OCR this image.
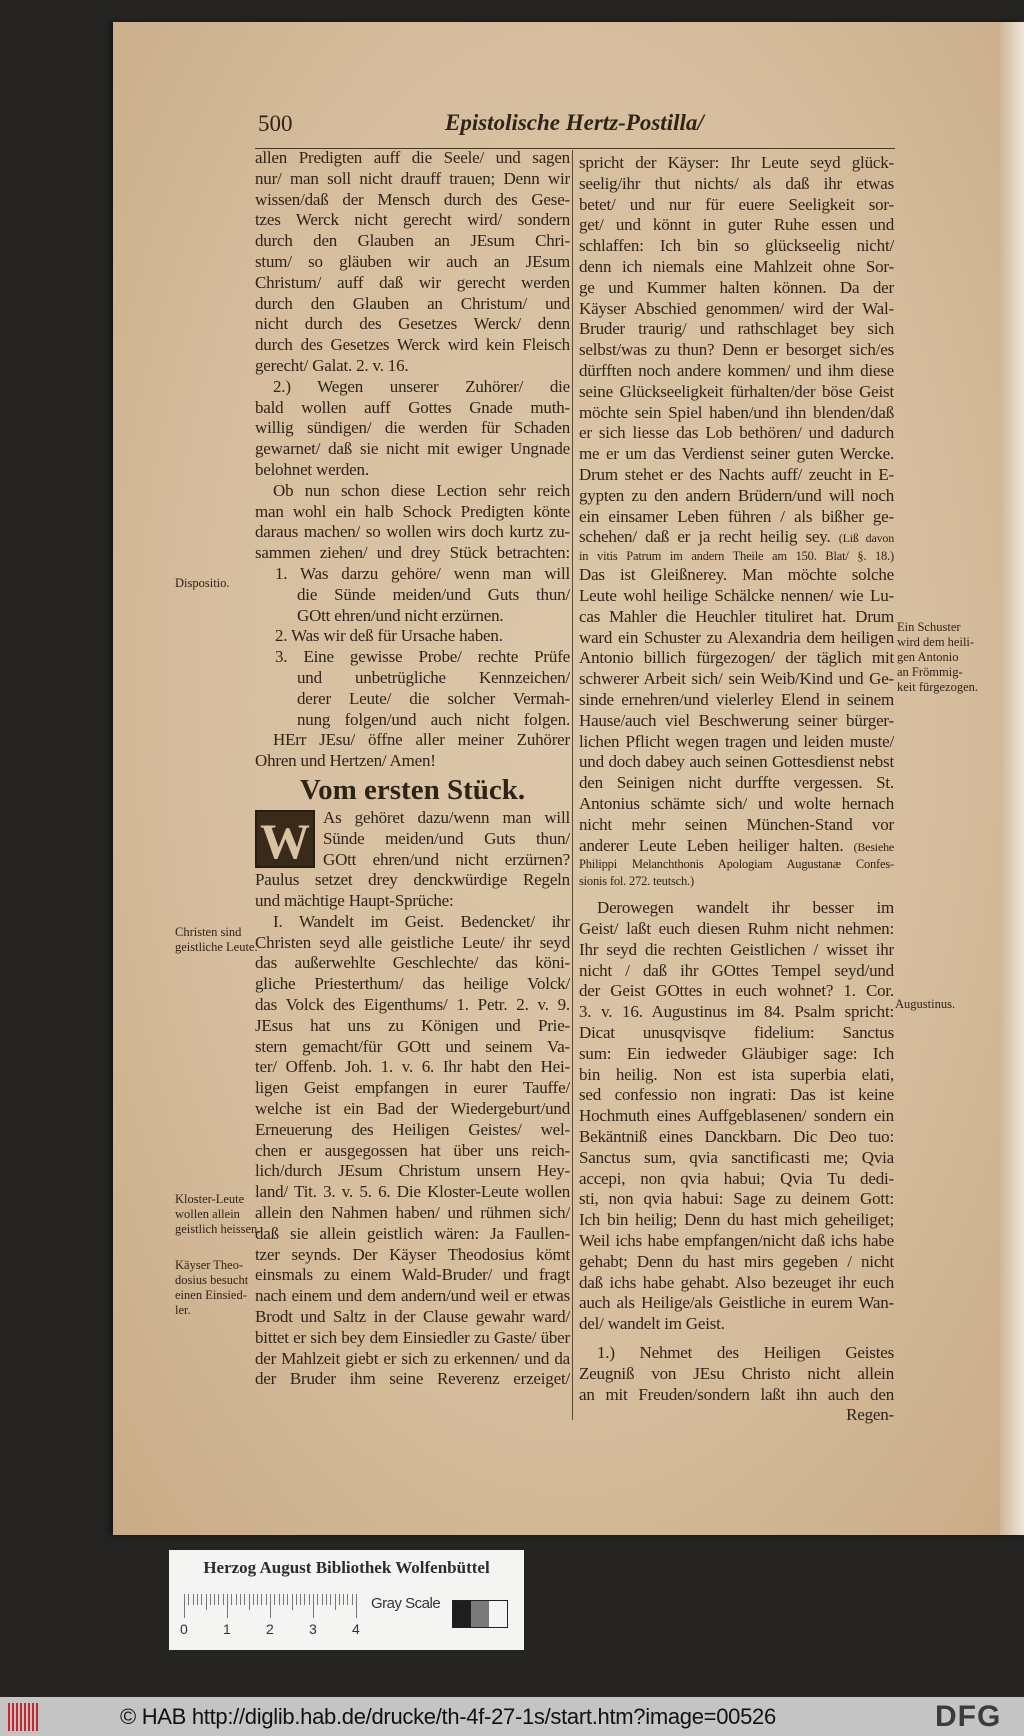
500	Epistolische Hertz-Postilla/
allen Predigten auff die Seele/ und sagen
nur/ man soll nicht drauff trauen; Denn wir
wissen/daß der Mensch durch des Gese-
tzes Werck nicht gerecht wird/ sondern
durch den Glauben an JEsum Chri-
stum/ so gläuben wir auch an JEsum
Christum/ auff daß wir gerecht werden
durch den Glauben an Christum/ und
nicht durch des Gesetzes Werck/ denn
durch des Gesetzes Werck wird kein Fleisch
gerecht/ Galat. 2. v. 16.
2.) Wegen unserer Zuhörer/ die
bald wollen auff Gottes Gnade muth-
willig sündigen/ die werden für Schaden
gewarnet/ daß sie nicht mit ewiger Ungnade
belohnet werden.
Ob nun schon diese Lection sehr reich
man wohl ein halb Schock Predigten könte
daraus machen/ so wollen wirs doch kurtz zu-
sammen ziehen/ und drey Stück betrachten:
1. Was darzu gehöre/ wenn man will
die Sünde meiden/und Guts thun/
GOtt ehren/und nicht erzürnen.
2. Was wir deß für Ursache haben.
3. Eine gewisse Probe/ rechte Prüfe
und unbetrügliche Kennzeichen/
derer Leute/ die solcher Vermah-
nung folgen/und auch nicht folgen.
HErr JEsu/ öffne aller meiner Zuhörer
Ohren und Hertzen/ Amen!
Vom ersten Stück.
W As gehöret dazu/wenn man will
Sünde meiden/und Guts thun/
GOtt ehren/und nicht erzürnen?
Paulus setzet drey denckwürdige Regeln
und mächtige Haupt-Sprüche:
I. Wandelt im Geist. Bedencket/ ihr
Christen seyd alle geistliche Leute/ ihr seyd
das außerwehlte Geschlechte/ das köni-
gliche Priesterthum/ das heilige Volck/
das Volck des Eigenthums/ 1. Petr. 2. v. 9.
JEsus hat uns zu Königen und Prie-
stern gemacht/für GOtt und seinem Va-
ter/ Offenb. Joh. 1. v. 6. Ihr habt den Hei-
ligen Geist empfangen in eurer Tauffe/
welche ist ein Bad der Wiedergeburt/und
Erneuerung des Heiligen Geistes/ wel-
chen er ausgegossen hat über uns reich-
lich/durch JEsum Christum unsern Hey-
land/ Tit. 3. v. 5. 6. Die Kloster-Leute wollen
allein den Nahmen haben/ und rühmen sich/
daß sie allein geistlich wären: Ja Faullen-
tzer seynds. Der Käyser Theodosius kömt
einsmals zu einem Wald-Bruder/ und fragt
nach einem und dem andern/und weil er etwas
Brodt und Saltz in der Clause gewahr ward/
bittet er sich bey dem Einsiedler zu Gaste/ über
der Mahlzeit giebt er sich zu erkennen/ und da
der Bruder ihm seine Reverenz erzeiget/
spricht der Käyser: Ihr Leute seyd glück-
seelig/ihr thut nichts/ als daß ihr etwas
betet/ und nur für euere Seeligkeit sor-
get/ und könnt in guter Ruhe essen und
schlaffen: Ich bin so glückseelig nicht/
denn ich niemals eine Mahlzeit ohne Sor-
ge und Kummer halten können. Da der
Käyser Abschied genommen/ wird der Wal-
Bruder traurig/ und rathschlaget bey sich
selbst/was zu thun? Denn er besorget sich/es
dürfften noch andere kommen/ und ihm diese
seine Glückseeligkeit fürhalten/der böse Geist
möchte sein Spiel haben/und ihn blenden/daß
er sich liesse das Lob bethören/ und dadurch
me er um das Verdienst seiner guten Wercke.
Drum stehet er des Nachts auff/ zeucht in E-
gypten zu den andern Brüdern/und will noch
ein einsamer Leben führen / als bißher ge-
schehen/ daß er ja recht heilig sey. (Liß davon
in vitis Patrum im andern Theile am 150. Blat/ §. 18.)
Das ist Gleißnerey. Man möchte solche
Leute wohl heilige Schälcke nennen/ wie Lu-
cas Mahler die Heuchler tituliret hat. Drum
ward ein Schuster zu Alexandria dem heiligen
Antonio billich fürgezogen/ der täglich mit
schwerer Arbeit sich/ sein Weib/Kind und Ge-
sinde ernehren/und vielerley Elend in seinem
Hause/auch viel Beschwerung seiner bürger-
lichen Pflicht wegen tragen und leiden muste/
und doch dabey auch seinen Gottesdienst nebst
den Seinigen nicht durffte vergessen. St.
Antonius schämte sich/ und wolte hernach
nicht mehr seinen München-Stand vor
anderer Leute Leben heiliger halten. (Besiehe
Philippi Melanchthonis Apologiam Augustanæ Confes-
sionis fol. 272. teutsch.)
Derowegen wandelt ihr besser im
Geist/ laßt euch diesen Ruhm nicht nehmen:
Ihr seyd die rechten Geistlichen / wisset ihr
nicht / daß ihr GOttes Tempel seyd/und
der Geist GOttes in euch wohnet? 1. Cor.
3. v. 16. Augustinus im 84. Psalm spricht:
Dicat unusqvisqve fidelium: Sanctus
sum: Ein iedweder Gläubiger sage: Ich
bin heilig. Non est ista superbia elati,
sed confessio non ingrati: Das ist keine
Hochmuth eines Auffgeblasenen/ sondern ein
Bekäntniß eines Danckbarn. Dic Deo tuo:
Sanctus sum, qvia sanctificasti me; Qvia
accepi, non qvia habui; Qvia Tu dedi-
sti, non qvia habui: Sage zu deinem Gott:
Ich bin heilig; Denn du hast mich geheiliget;
Weil ichs habe empfangen/nicht daß ichs habe
gehabt; Denn du hast mirs gegeben / nicht
daß ichs habe gehabt. Also bezeuget ihr euch
auch als Heilige/als Geistliche in eurem Wan-
del/ wandelt im Geist.
1.) Nehmet des Heiligen Geistes
Zeugniß von JEsu Christo nicht allein
an mit Freuden/sondern laßt ihn auch den
Regen-
Dispositio.
Christen sind
geistliche Leute.
Kloster-Leute
wollen allein
geistlich heissen.
Käyser Theo-
dosius besucht
einen Einsied-
ler.
Ein Schuster
wird dem heili-
gen Antonio
an Frömmig-
keit fürgezogen.
Augustinus.
Herzog August Bibliothek Wolfenbüttel
Gray Scale
0	1	2	3	4
© HAB http://diglib.hab.de/drucke/th-4f-27-1s/start.htm?image=00526	DFG
